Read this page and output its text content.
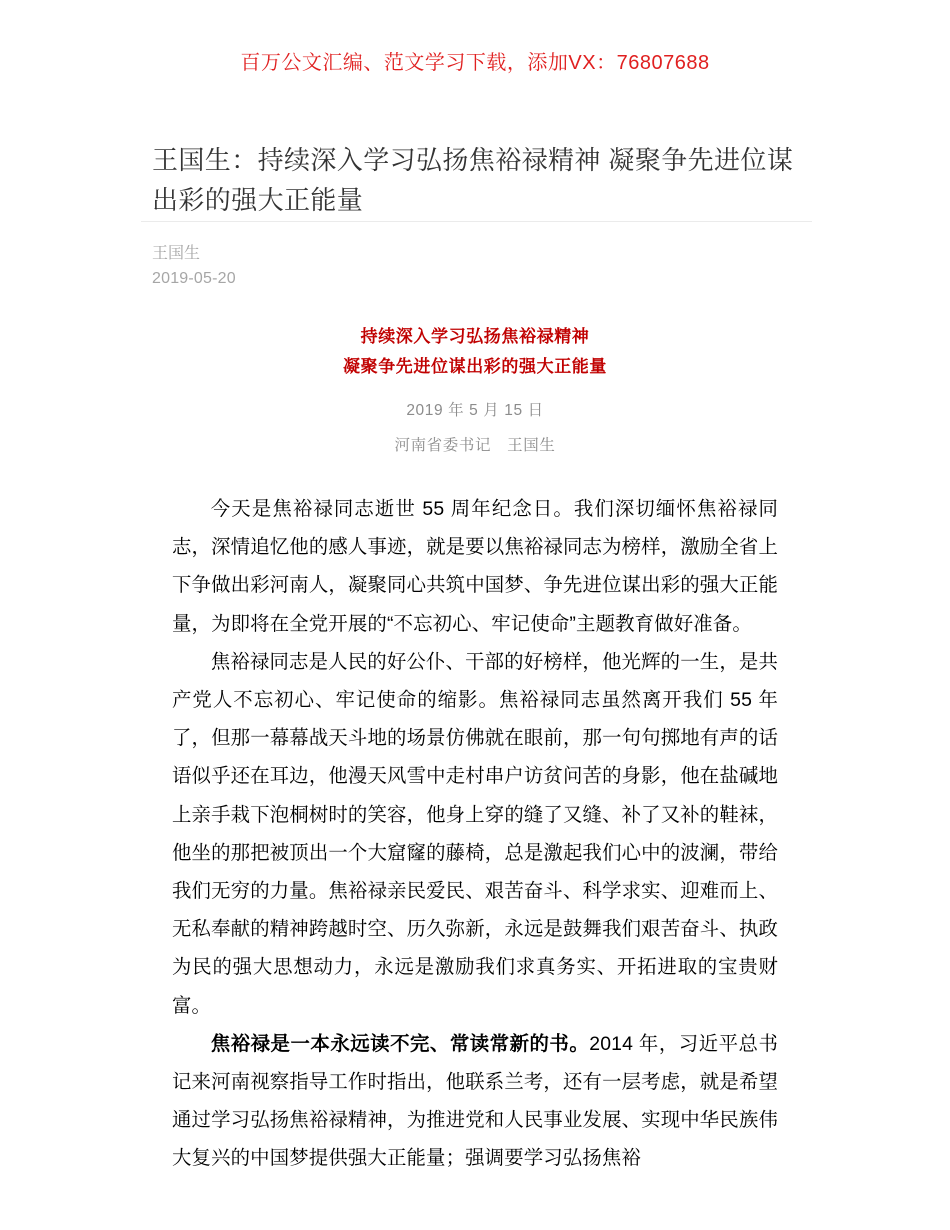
百万公文汇编、范文学习下载，添加VX：76807688
王国生：持续深入学习弘扬焦裕禄精神 凝聚争先进位谋出彩的强大正能量
王国生
2019-05-20
持续深入学习弘扬焦裕禄精神
凝聚争先进位谋出彩的强大正能量
2019 年 5 月 15 日
河南省委书记　王国生

今天是焦裕禄同志逝世 55 周年纪念日。我们深切缅怀焦裕禄同志，深情追忆他的感人事迹，就是要以焦裕禄同志为榜样，激励全省上下争做出彩河南人，凝聚同心共筑中国梦、争先进位谋出彩的强大正能量，为即将在全党开展的“不忘初心、牢记使命”主题教育做好准备。

焦裕禄同志是人民的好公仆、干部的好榜样，他光辉的一生，是共产党人不忘初心、牢记使命的缩影。焦裕禄同志虽然离开我们 55 年了，但那一幕幕战天斗地的场景仿佛就在眼前，那一句句掷地有声的话语似乎还在耳边，他漫天风雪中走村串户访贫问苦的身影，他在盐碱地上亲手栽下泡桐树时的笑容，他身上穿的缝了又缝、补了又补的鞋袜，他坐的那把被顶出一个大窟窿的藤椅，总是激起我们心中的波澜，带给我们无穷的力量。焦裕禄亲民爱民、艰苦奋斗、科学求实、迎难而上、无私奉献的精神跨越时空、历久弥新，永远是鼓舞我们艰苦奋斗、执政为民的强大思想动力，永远是激励我们求真务实、开拓进取的宝贵财富。

焦裕禄是一本永远读不完、常读常新的书。2014 年，习近平总书记来河南视察指导工作时指出，他联系兰考，还有一层考虑，就是希望通过学习弘扬焦裕禄精神，为推进党和人民事业发展、实现中华民族伟大复兴的中国梦提供强大正能量；强调要学习弘扬焦裕
